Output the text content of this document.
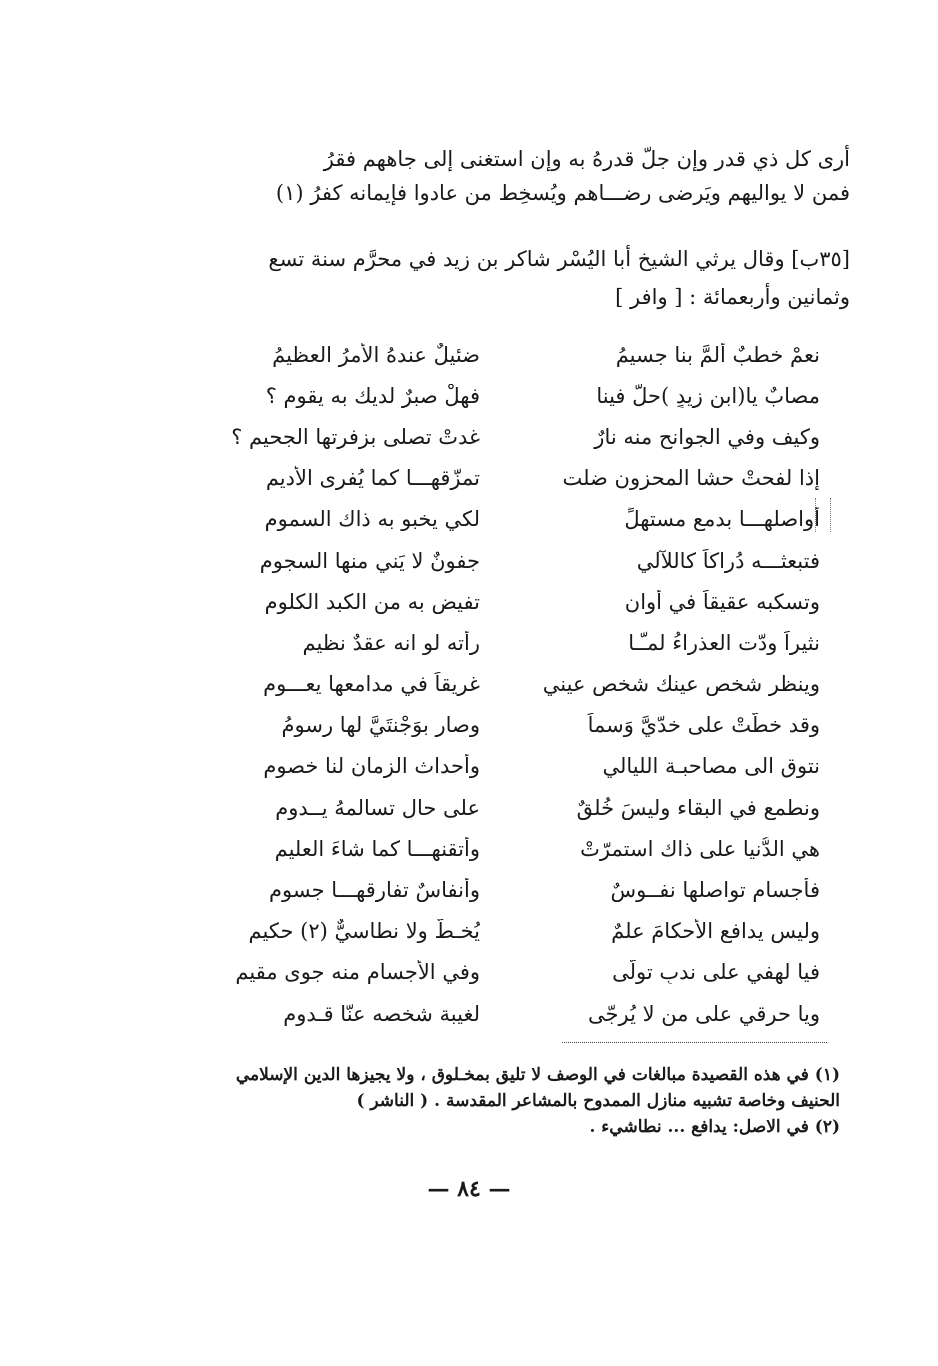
أرى كل ذي قدر وإن جلّ قدرهُ به وإن استغنى إلى جاههم فقرُ
فمن لا يواليهم ويَرضى رضـــاهم ويُسخِط من عادوا فإيمانه كفرُ (١)
[٣٥ب] وقال يرثي الشيخ أبا اليُسْر شاكر بن زيد في محرَّم سنة تسع
وثمانين وأربعمائة : [ وافر ]
نعمْ خطبٌ ألمَّ بنا جسيمُ
ضئيلٌ عندهُ الأمرُ العظيمُ
مصابٌ يا(ابن زيدٍ )حلَّ فينا
فهلْ صبرٌ لديك به يقوم ؟
وكيف وفي الجوانح منه نارٌ
غدتْ تصلى بزفرتها الجحيم ؟
إذا لفحتْ حشا المحزون ضلت
تمزّقهـــا كما يُفرى الأديم
أُواصلهـــا بدمع مستهلٍّ
لكي يخبو به ذاك السموم
فتبعثـــه دُراكاً كاللآلي
جفونٌ لا يَني منها السجوم
وتسكبه عقيقاً في أوانٍ
تفيض به من الكبد الكلوم
نثيراً ودّت العذراءُ لمـّـا
رأته لو انه عقدٌ نظيم
وينظر شخص عينك شخص عيني
غريقاً في مدامعها يعـــوم
وقد خطّتْ على خدّيَّ وَسماً
وصار بوَجْنتَيَّ لها رسومُ
نتوق الى مصاحبـة الليالي
وأحداث الزمان لنا خصوم
ونطمع في البقاء وليسَ خُلقٌ
على حالٍ تسالمهُ يــدوم
هي الدُّنيا على ذاك استمرّتْ
وأتقنهـــا كما شاءَ العليم
فأجسام تواصلها نفــوسٌ
وأنفاسٌ تفارقهـــا جسوم
وليس يدافع الأحكامَ علمٌ
يُخـطّ ولا نطاسيٌّ (٢) حكيم
فيا لهفي على ندبٍ تولّى
وفي الأجسام منه جوى مقيم
ويا حرقي على من لا يُرجّى
لغيبة شخصه عنّا قـدوم
(١) في هذه القصيدة مبالغات في الوصف لا تليق بمخـلوق ، ولا يجيزها الدين الإسلامي
الحنيف وخاصة تشبيه منازل الممدوح بالمشاعر المقدسة . ( الناشر )
(٢) في الاصل: يدافع ... نطاشيء .
— ٨٤ —
